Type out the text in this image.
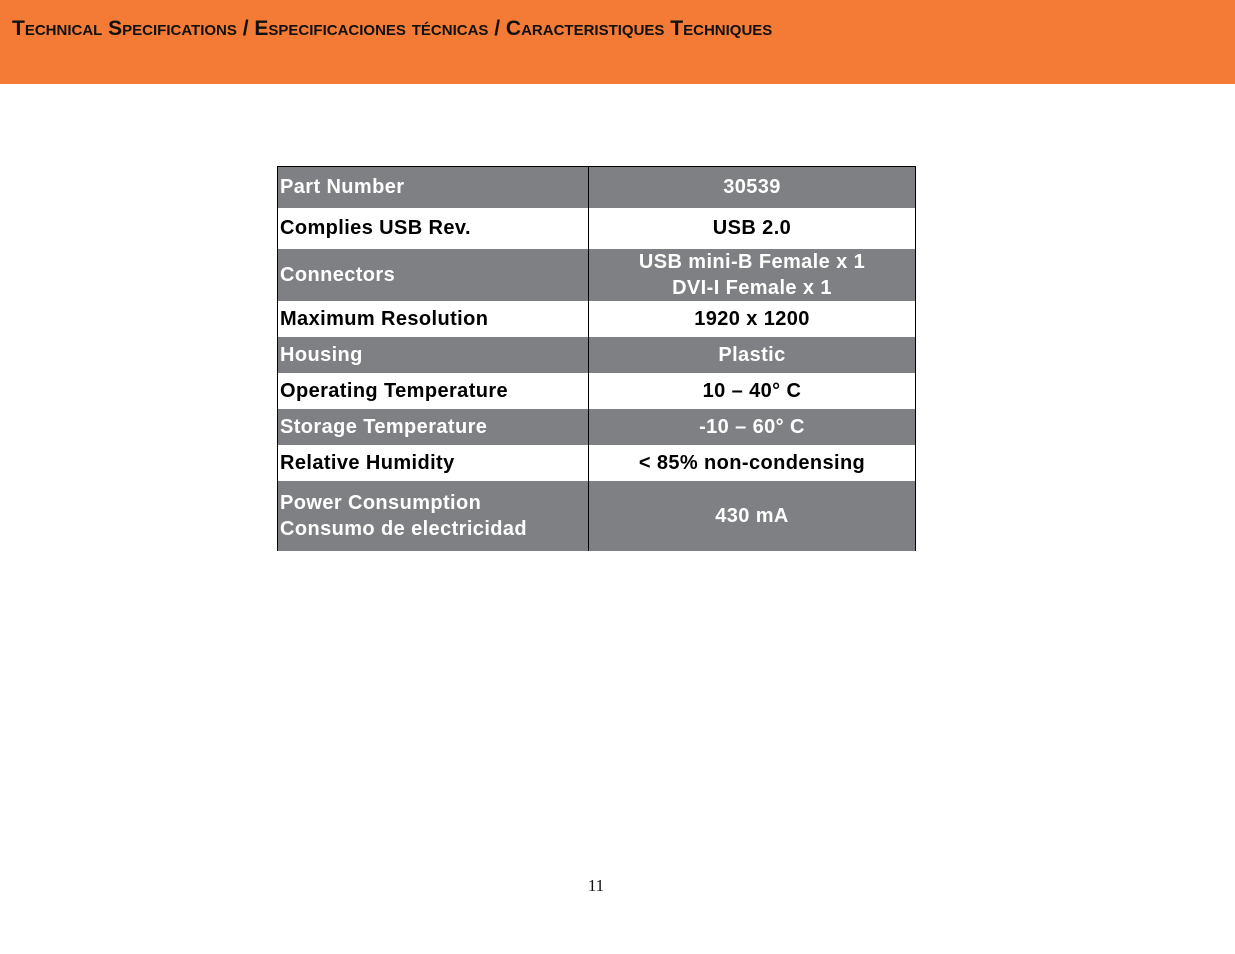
Technical Specifications / Especificaciones técnicas / Caracteristiques Techniques
Part Number	30539

Complies USB Rev.	USB 2.0

Connectors	USB mini-B Female x 1
DVI-I Female x 1

Maximum Resolution	1920 x 1200

Housing	Plastic

Operating Temperature	10 – 40° C

Storage Temperature	-10 – 60° C

Relative Humidity	< 85% non-condensing

Power Consumption
Consumo de electricidad	430 mA
11
